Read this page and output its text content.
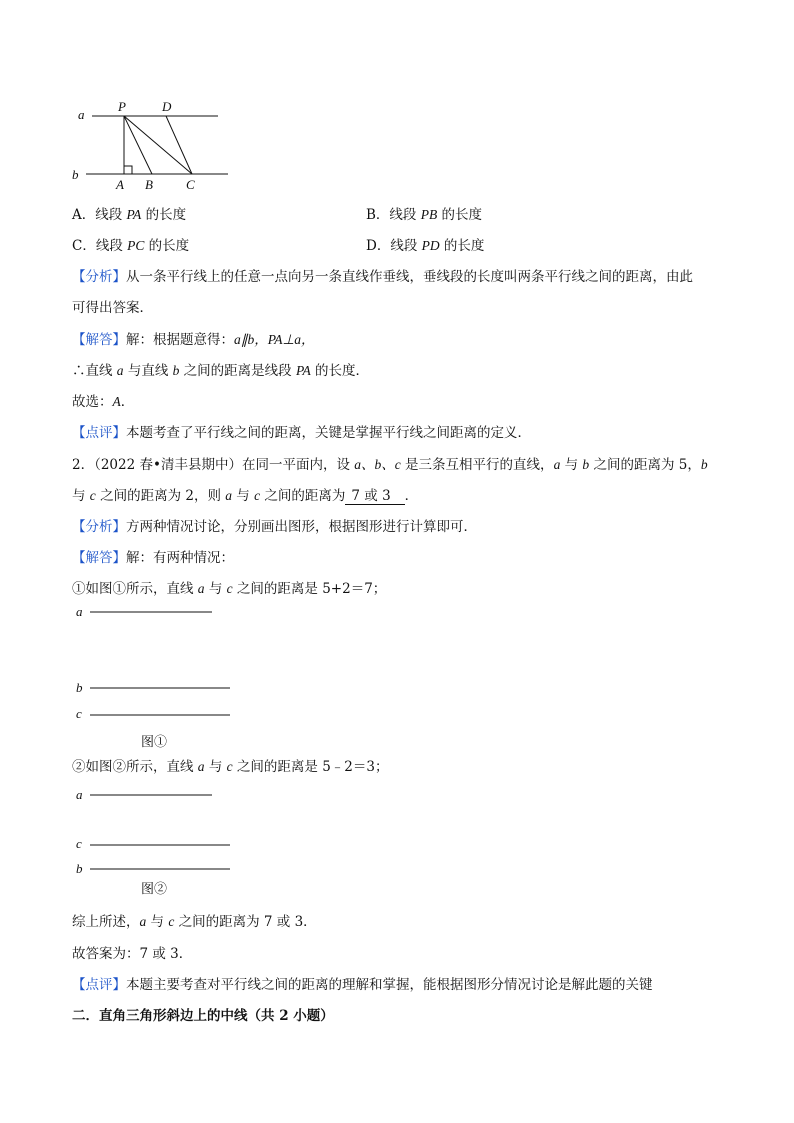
a
b
P	D
A B	C
A．线段 PA 的长度	B．线段 PB 的长度
C．线段 PC 的长度	D．线段 PD 的长度
【分析】从一条平行线上的任意一点向另一条直线作垂线，垂线段的长度叫两条平行线之间的距离，由此
可得出答案．
【解答】解：根据题意得：a∥b，PA⊥a，
∴直线 a 与直线 b 之间的距离是线段 PA 的长度．
故选：A．
【点评】本题考查了平行线之间的距离，关键是掌握平行线之间距离的定义．
2．（2022 春•清丰县期中）在同一平面内，设 a、b、c 是三条互相平行的直线，a 与 b 之间的距离为 5，b
与 c 之间的距离为 2，则 a 与 c 之间的距离为 7 或 3 ．
【分析】方两种情况讨论，分别画出图形，根据图形进行计算即可．
【解答】解：有两种情况：
①如图①所示，直线 a 与 c 之间的距离是 5+2＝7；
a
b
c
图①
②如图②所示，直线 a 与 c 之间的距离是 5﹣2＝3；
a
c
b
图②
综上所述，a 与 c 之间的距离为 7 或 3．
故答案为：7 或 3．
【点评】本题主要考查对平行线之间的距离的理解和掌握，能根据图形分情况讨论是解此题的关键
二．直角三角形斜边上的中线（共 2 小题）
